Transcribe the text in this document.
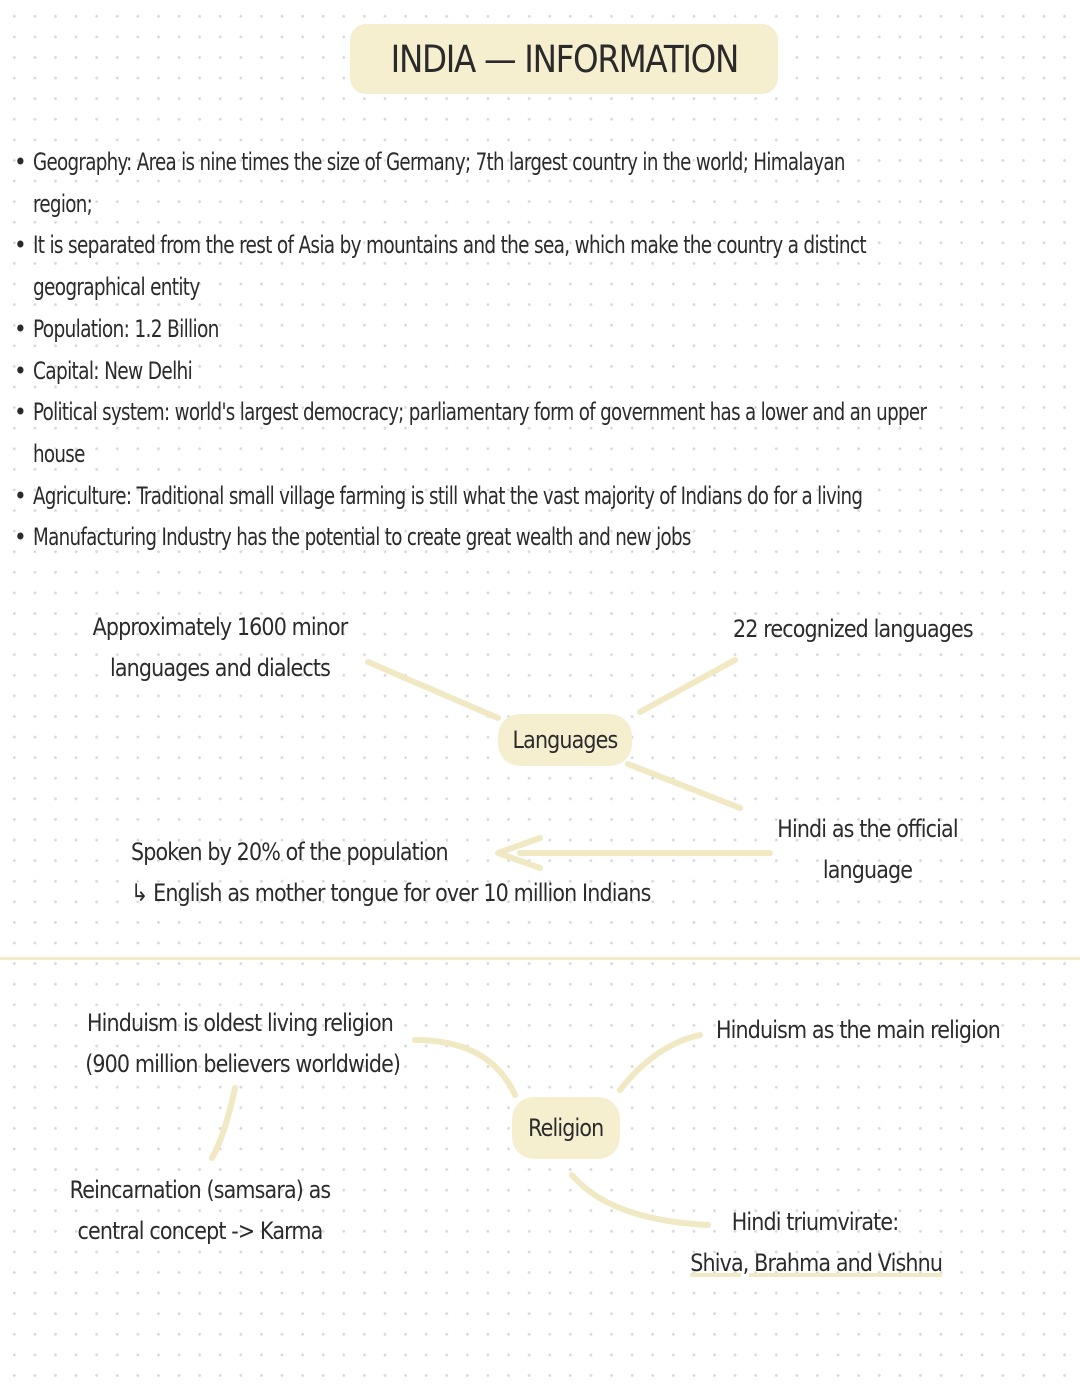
INDIA — INFORMATION
• Geography: Area is nine times the size of Germany; 7th largest country in the world; Himalayan region;
• It is separated from the rest of Asia by mountains and the sea, which make the country a distinct geographical entity
• Population: 1.2 Billion
• Capital: New Delhi
• Political system: world's largest democracy; parliamentary form of government has a lower and an upper house
• Agriculture: Traditional small village farming is still what the vast majority of Indians do for a living
• Manufacturing Industry has the potential to create great wealth and new jobs
Languages
Approximately 1600 minor
languages and dialects
22 recognized languages
Hindi as the official
language
Spoken by 20% of the population
↳ English as mother tongue for over 10 million Indians
Religion
Hinduism is oldest living religion
(900 million believers worldwide)
Hinduism as the main religion
Reincarnation (samsara) as
central concept -> Karma	Hindi triumvirate:
Shiva, Brahma and Vishnu
